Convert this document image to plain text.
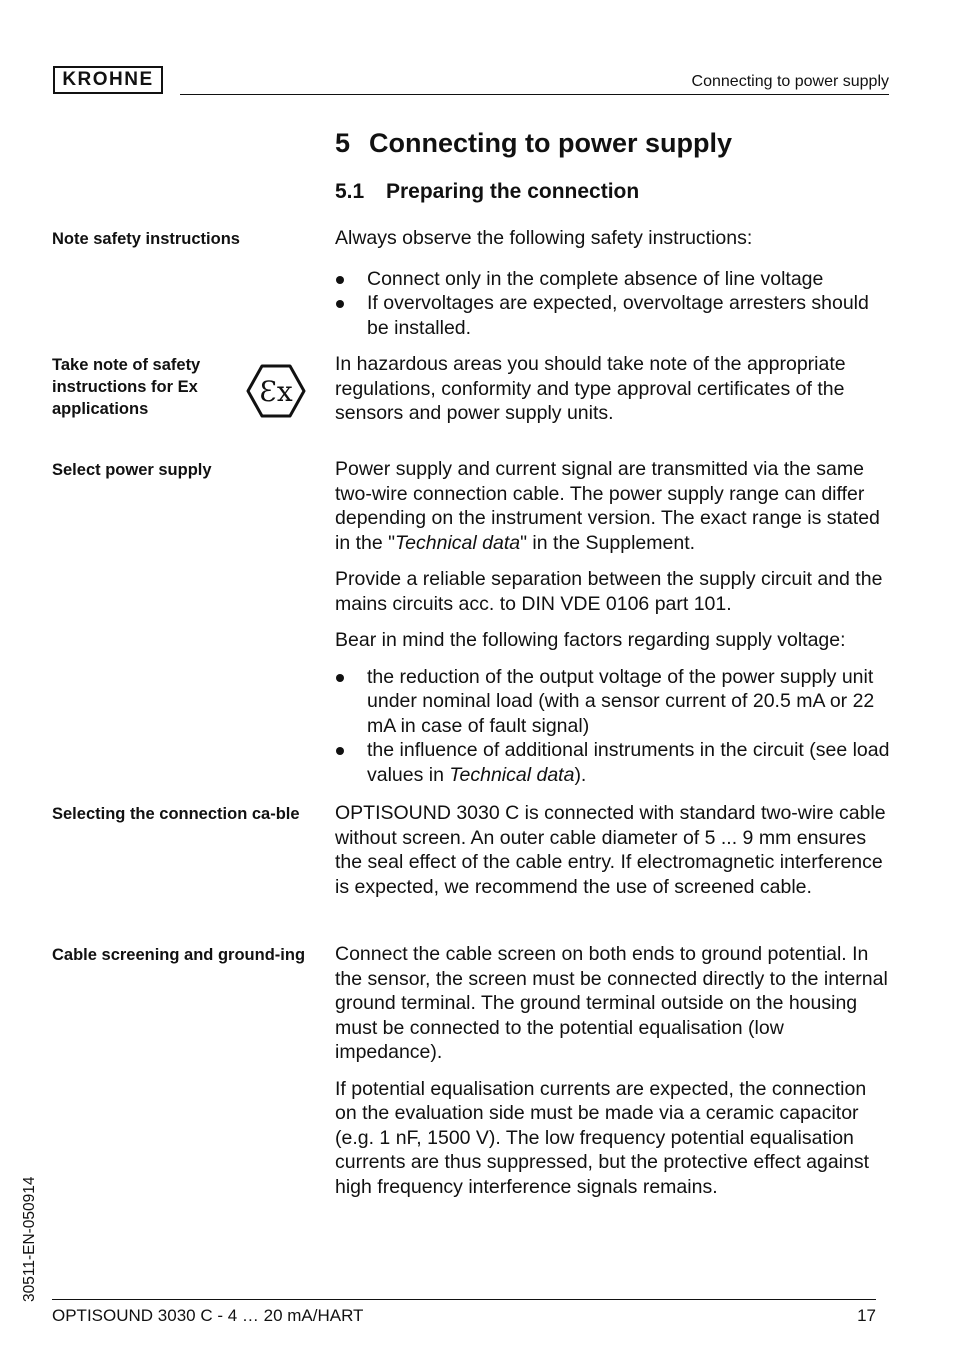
KROHNE	Connecting to power supply
5 Connecting to power supply
5.1 Preparing the connection
Note safety instructions	Always observe the following safety instructions:

Connect only in the complete absence of line voltage
If overvoltages are expected, overvoltage arresters should be installed.
Take note of safety instructions for Ex applications
Ɛx
In hazardous areas you should take note of the appropriate regulations, conformity and type approval certificates of the sensors and power supply units.
Select power supply	Power supply and current signal are transmitted via the same two-wire connection cable. The power supply range can differ depending on the instrument version. The exact range is stated in the "Technical data" in the Supplement.

Provide a reliable separation between the supply circuit and the mains circuits acc. to DIN VDE 0106 part 101.

Bear in mind the following factors regarding supply voltage:

the reduction of the output voltage of the power supply unit under nominal load (with a sensor current of 20.5 mA or 22 mA in case of fault signal)
the influence of additional instruments in the circuit (see load values in Technical data).
Selecting the connection ca-ble	OPTISOUND 3030 C is connected with standard two-wire cable without screen. An outer cable diameter of 5 ... 9 mm ensures the seal effect of the cable entry. If electromagnetic interference is expected, we recommend the use of screened cable.
Cable screening and ground-ing Connect the cable screen on both ends to ground potential. In the sensor, the screen must be connected directly to the internal ground terminal. The ground terminal outside on the housing must be connected to the potential equalisation (low impedance).

If potential equalisation currents are expected, the connection on the evaluation side must be made via a ceramic capacitor (e.g. 1 nF, 1500 V). The low frequency potential equalisation currents are thus suppressed, but the protective effect against high frequency interference signals remains.

30511-EN-050914
OPTISOUND 3030 C - 4 … 20 mA/HART	17
